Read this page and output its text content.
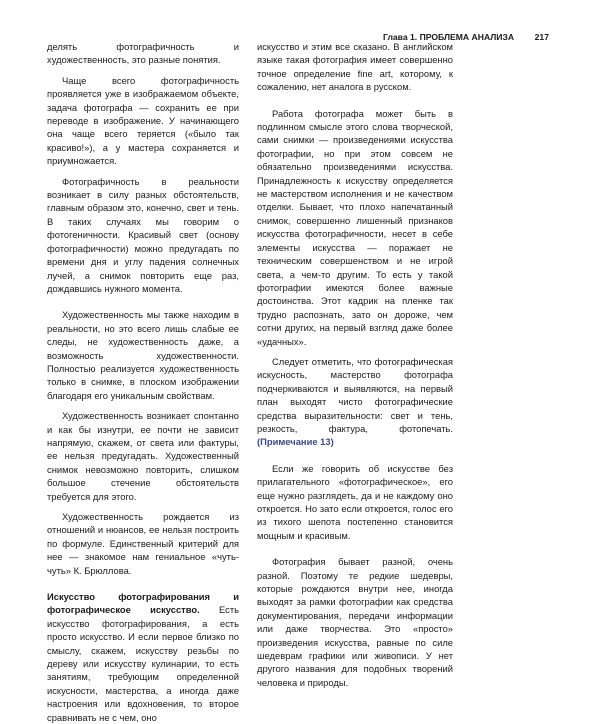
Глава 1. ПРОБЛЕМА АНАЛИЗА 217

делять фотографичность и художественность, это разные понятия.

Чаще всего фотографичность проявляется уже в изображаемом объекте, задача фотографа — сохранить ее при переводе в изображение. У начинающего она чаще всего теряется («было так красиво!»), а у мастера сохраняется и приумножается.

Фотографичность в реальности возникает в силу разных обстоятельств, главным образом это, конечно, свет и тень. В таких случаях мы говорим о фотогеничности. Красивый свет (основу фотографичности) можно предугадать по времени дня и углу падения солнечных лучей, а снимок повторить еще раз, дождавшись нужного момента.

Художественность мы также находим в реальности, но это всего лишь слабые ее следы, не художественность даже, а возможность художественности. Полностью реализуется художественность только в снимке, в плоском изображении благодаря его уникальным свойствам.

Художественность возникает спонтанно и как бы изнутри, ее почти не зависит напрямую, скажем, от света или фактуры, ее нельзя предугадать. Художественный снимок невозможно повторить, слишком большое стечение обстоятельств требуется для этого.

Художественность рождается из отношений и нюансов, ее нельзя построить по формуле. Единственный критерий для нее — знакомое нам гениальное «чуть-чуть» К. Брюллова.

Искусство фотографирования и фотографическое искусство. Есть искусство фотографирования, а есть просто искусство. И если первое близко по смыслу, скажем, искусству резьбы по дереву или искусству кулинарии, то есть занятиям, требующим определенной искусности, мастерства, а иногда даже настроения или вдохновения, то второе сравнивать не с чем, оно

искусство и этим все сказано. В английском языке такая фотография имеет совершенно точное определение fine art, которому, к сожалению, нет аналога в русском.

Работа фотографа может быть в подлинном смысле этого слова творческой, сами снимки — произведениями искусства фотографии, но при этом совсем не обязательно произведениями искусства. Принадлежность к искусству определяется не мастерством исполнения и не качеством отделки. Бывает, что плохо напечатанный снимок, совершенно лишенный признаков искусства фотографичности, несет в себе элементы искусства — поражает не техническим совершенством и не игрой света, а чем-то другим. То есть у такой фотографии имеются более важные достоинства. Этот кадрик на пленке так трудно распознать, зато он дороже, чем сотни других, на первый взгляд даже более «удачных».

Следует отметить, что фотографическая искусность, мастерство фотографа подчеркиваются и выявляются, на первый план выходят чисто фотографические средства выразительности: свет и тень, резкость, фактура, фотопечать. (Примечание 13)

Если же говорить об искусстве без прилагательного «фотографическое», его еще нужно разглядеть, да и не каждому оно откроется. Но зато если откроется, голос его из тихого шепота постепенно становится мощным и красивым.

Фотография бывает разной, очень разной. Поэтому те редкие шедевры, которые рождаются внутри нее, иногда выходят за рамки фотографии как средства документирования, передачи информации или даже творчества. Это «просто» произведения искусства, равные по силе шедеврам графики или живописи. У нет другого названия для подобных творений человека и природы.
